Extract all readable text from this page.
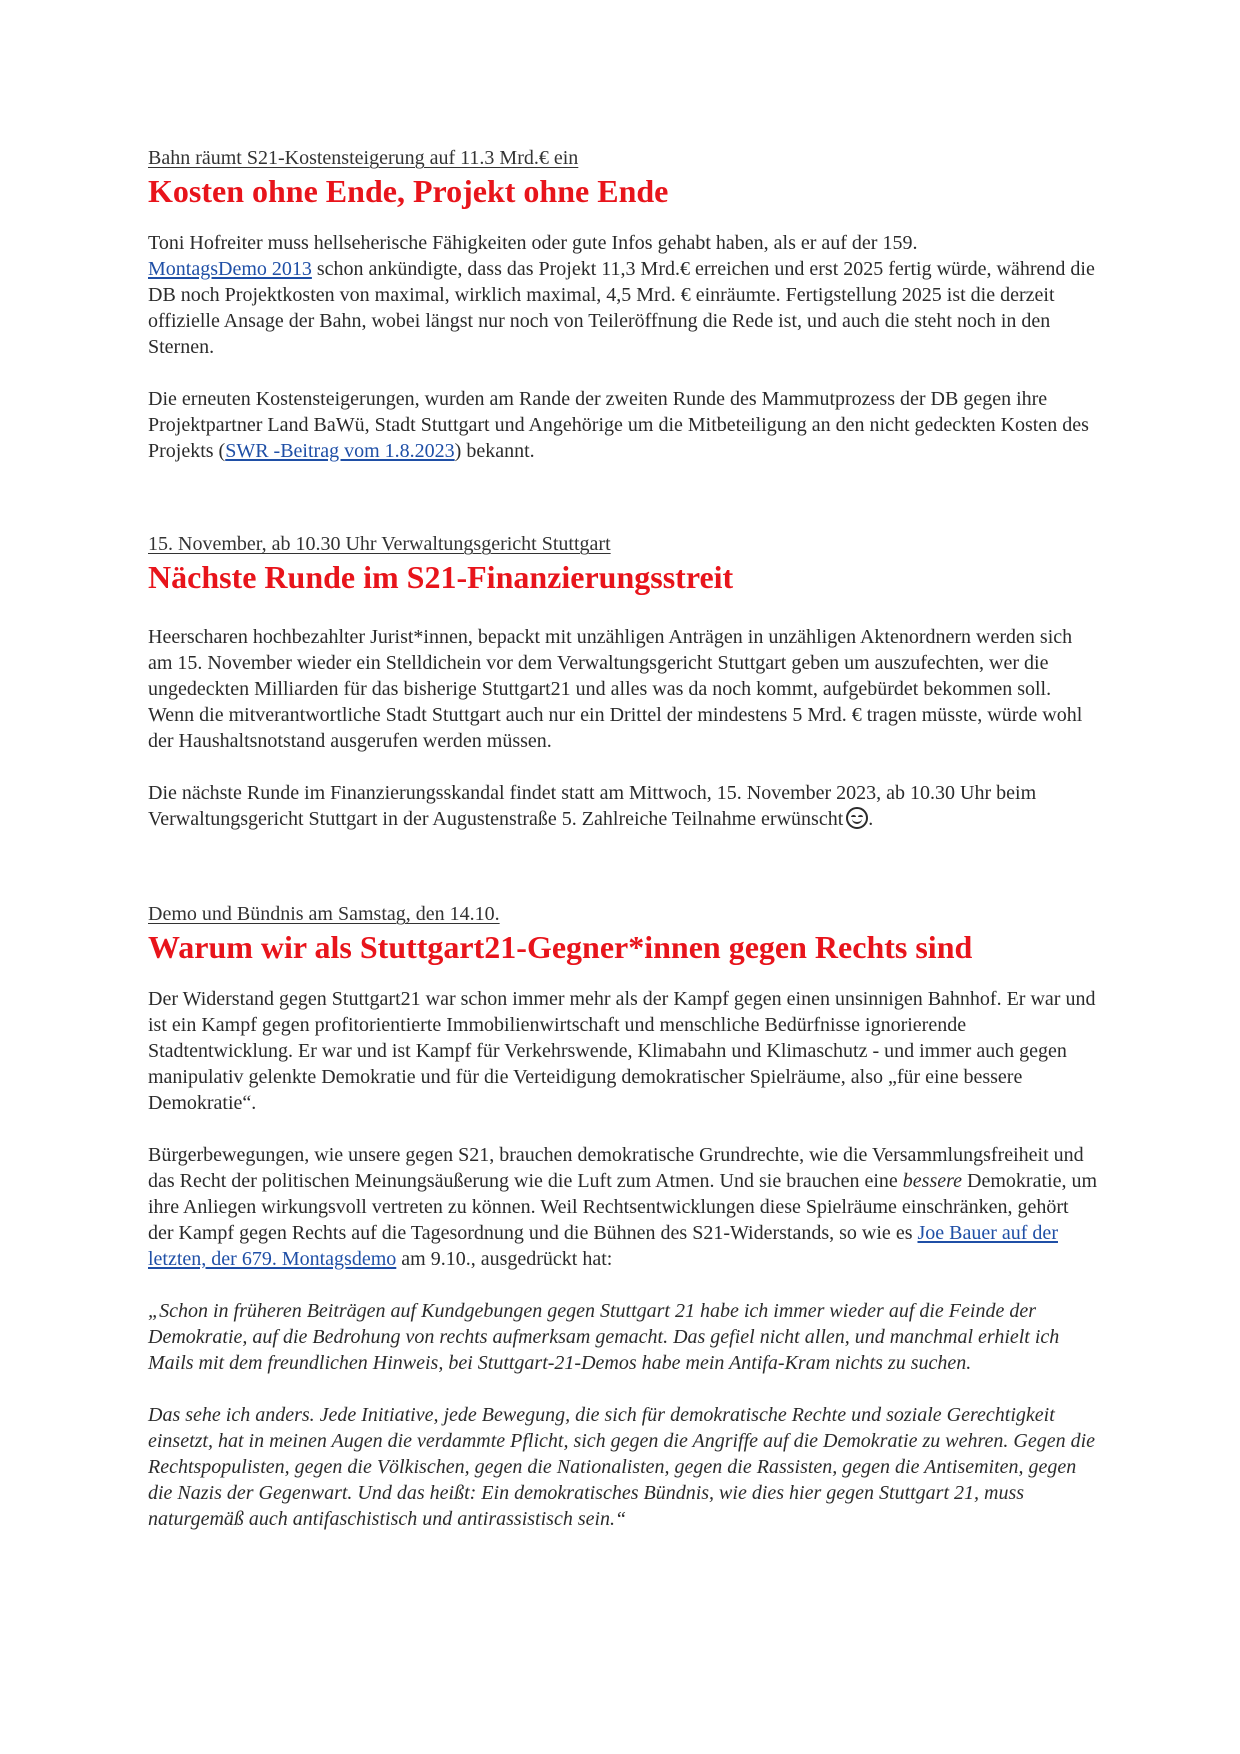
Bahn räumt S21-Kostensteigerung auf 11.3 Mrd.€ ein
Kosten ohne Ende, Projekt ohne Ende

Toni Hofreiter muss hellseherische Fähigkeiten oder gute Infos gehabt haben, als er auf der 159.
MontagsDemo 2013 schon ankündigte, dass das Projekt 11,3 Mrd.€ erreichen und erst 2025 fertig würde, während die DB noch Projektkosten von maximal, wirklich maximal, 4,5 Mrd. € einräumte. Fertigstellung 2025 ist die derzeit offizielle Ansage der Bahn, wobei längst nur noch von Teileröffnung die Rede ist, und auch die steht noch in den Sternen.

Die erneuten Kostensteigerungen, wurden am Rande der zweiten Runde des Mammutprozess der DB gegen ihre Projektpartner Land BaWü, Stadt Stuttgart und Angehörige um die Mitbeteiligung an den nicht gedeckten Kosten des Projekts (SWR -Beitrag vom 1.8.2023) bekannt.

15. November, ab 10.30 Uhr Verwaltungsgericht Stuttgart
Nächste Runde im S21-Finanzierungsstreit

Heerscharen hochbezahlter Jurist*innen, bepackt mit unzähligen Anträgen in unzähligen Aktenordnern werden sich am 15. November wieder ein Stelldichein vor dem Verwaltungsgericht Stuttgart geben um auszufechten, wer die ungedeckten Milliarden für das bisherige Stuttgart21 und alles was da noch kommt, aufgebürdet bekommen soll. Wenn die mitverantwortliche Stadt Stuttgart auch nur ein Drittel der mindestens 5 Mrd. € tragen müsste, würde wohl der Haushaltsnotstand ausgerufen werden müssen.

Die nächste Runde im Finanzierungsskandal findet statt am Mittwoch, 15. November 2023, ab 10.30 Uhr beim Verwaltungsgericht Stuttgart in der Augustenstraße 5. Zahlreiche Teilnahme erwünscht .

Demo und Bündnis am Samstag, den 14.10.
Warum wir als Stuttgart21-Gegner*innen gegen Rechts sind

Der Widerstand gegen Stuttgart21 war schon immer mehr als der Kampf gegen einen unsinnigen Bahnhof. Er war und ist ein Kampf gegen profitorientierte Immobilienwirtschaft und menschliche Bedürfnisse ignorierende Stadtentwicklung. Er war und ist Kampf für Verkehrswende, Klimabahn und Klimaschutz - und immer auch gegen manipulativ gelenkte Demokratie und für die Verteidigung demokratischer Spielräume, also „für eine bessere Demokratie“.

Bürgerbewegungen, wie unsere gegen S21, brauchen demokratische Grundrechte, wie die Versammlungsfreiheit und das Recht der politischen Meinungsäußerung wie die Luft zum Atmen. Und sie brauchen eine bessere Demokratie, um ihre Anliegen wirkungsvoll vertreten zu können. Weil Rechtsentwicklungen diese Spielräume einschränken, gehört der Kampf gegen Rechts auf die Tagesordnung und die Bühnen des S21-Widerstands, so wie es Joe Bauer auf der letzten, der 679. Montagsdemo am 9.10., ausgedrückt hat:

„Schon in früheren Beiträgen auf Kundgebungen gegen Stuttgart 21 habe ich immer wieder auf die Feinde der Demokratie, auf die Bedrohung von rechts aufmerksam gemacht. Das gefiel nicht allen, und manchmal erhielt ich Mails mit dem freundlichen Hinweis, bei Stuttgart-21-Demos habe mein Antifa-Kram nichts zu suchen.

Das sehe ich anders. Jede Initiative, jede Bewegung, die sich für demokratische Rechte und soziale Gerechtigkeit einsetzt, hat in meinen Augen die verdammte Pflicht, sich gegen die Angriffe auf die Demokratie zu wehren. Gegen die Rechtspopulisten, gegen die Völkischen, gegen die Nationalisten, gegen die Rassisten, gegen die Antisemiten, gegen die Nazis der Gegenwart. Und das heißt: Ein demokratisches Bündnis, wie dies hier gegen Stuttgart 21, muss naturgemäß auch antifaschistisch und antirassistisch sein.“
